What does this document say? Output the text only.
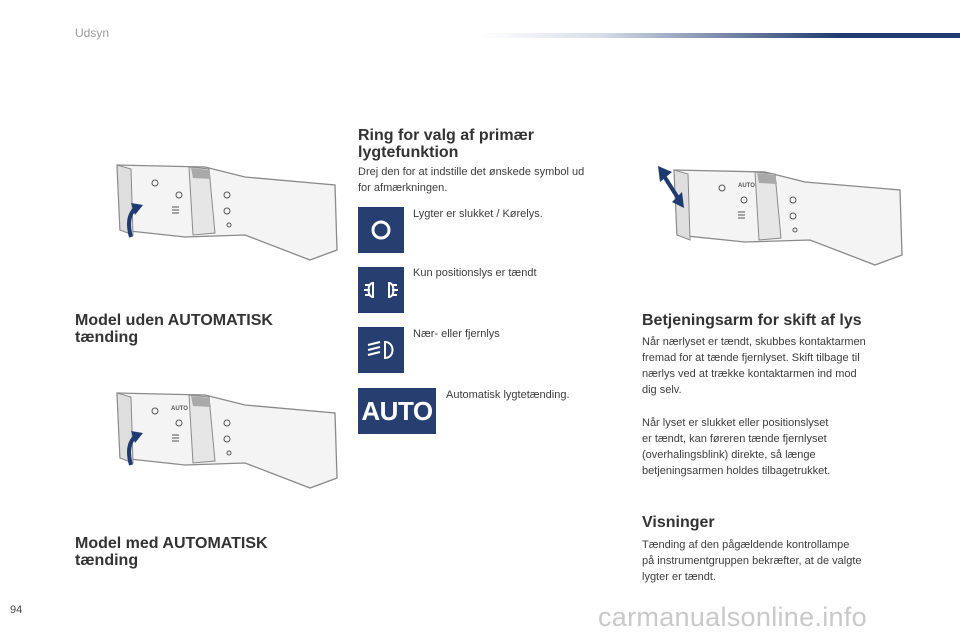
Udsyn
Model uden AUTOMATISK
tænding
AUTO
Model med AUTOMATISK
tænding
Ring for valg af primær
lygtefunktion
Drej den for at indstille det ønskede symbol ud
for afmærkningen.
Lygter er slukket / Kørelys.
Kun positionslys er tændt
Nær- eller fjernlys
AUTO
Automatisk lygtetænding.
AUTO
Betjeningsarm for skift af lys
Når nærlyset er tændt, skubbes kontaktarmen
fremad for at tænde fjernlyset. Skift tilbage til
nærlys ved at trække kontaktarmen ind mod
dig selv.
Når lyset er slukket eller positionslyset
er tændt, kan føreren tænde fjernlyset
(overhalingsblink) direkte, så længe
betjeningsarmen holdes tilbagetrukket.
Visninger
Tænding af den pågældende kontrollampe
på instrumentgruppen bekræfter, at de valgte
lygter er tændt.
94	carmanualsonline.info
